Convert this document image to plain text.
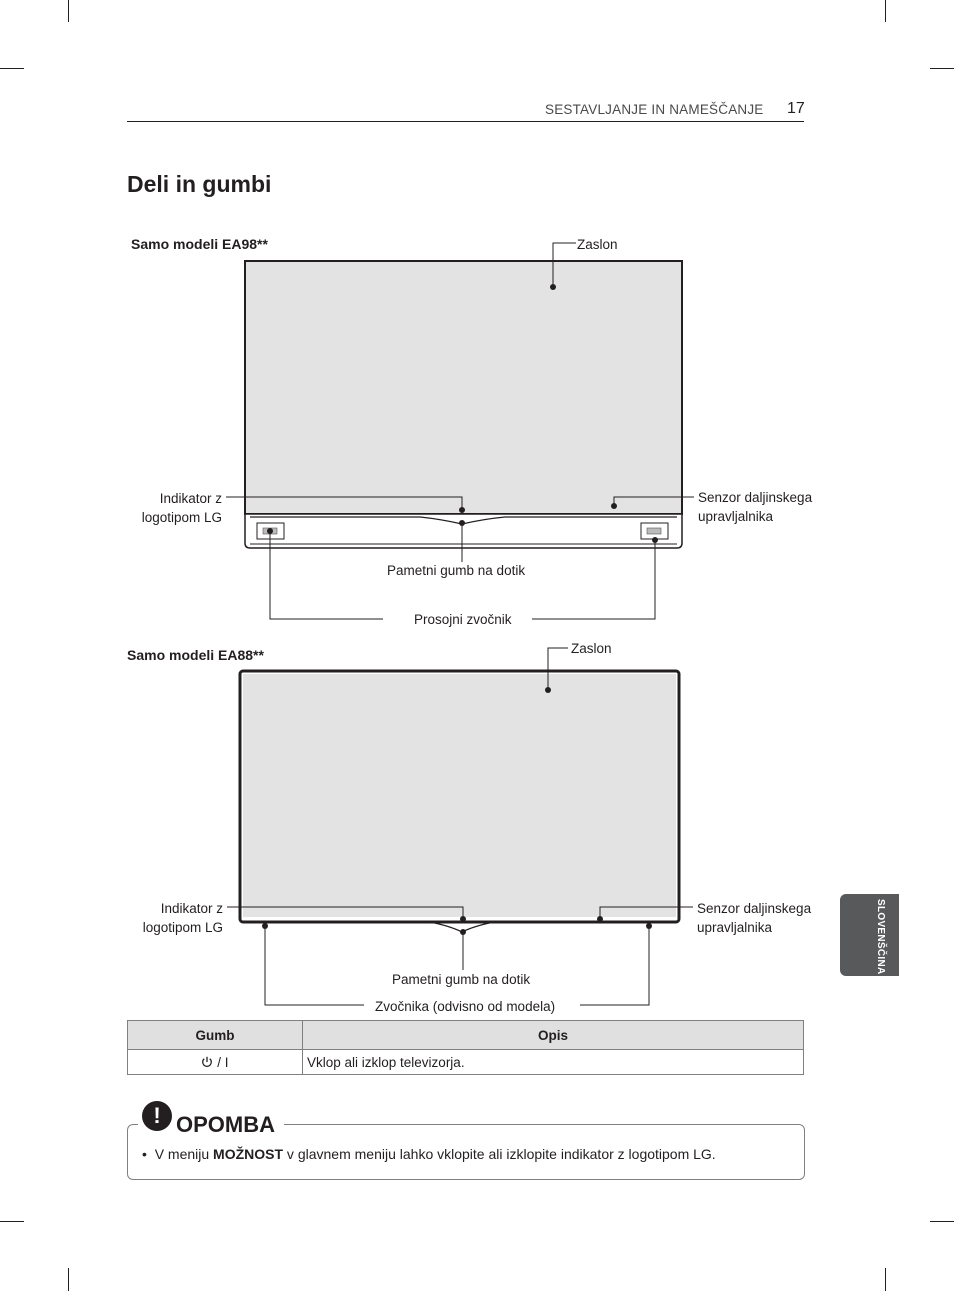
SESTAVLJANJE IN NAMEŠČANJE 17
Deli in gumbi
SLOVENŠČINA
Samo modeli EA98**	Zaslon
Indikator z
logotipom LG
Senzor daljinskega
upravljalnika
Pametni gumb na dotik
Prosojni zvočnik
Samo modeli EA88**	Zaslon
Indikator z
logotipom LG
Senzor daljinskega
upravljalnika
Pametni gumb na dotik
Zvočnika (odvisno od modela)
Gumb	Opis
/ I	Vklop ali izklop televizorja.
! OPOMBA
• V meniju MOŽNOST v glavnem meniju lahko vklopite ali izklopite indikator z logotipom LG.
